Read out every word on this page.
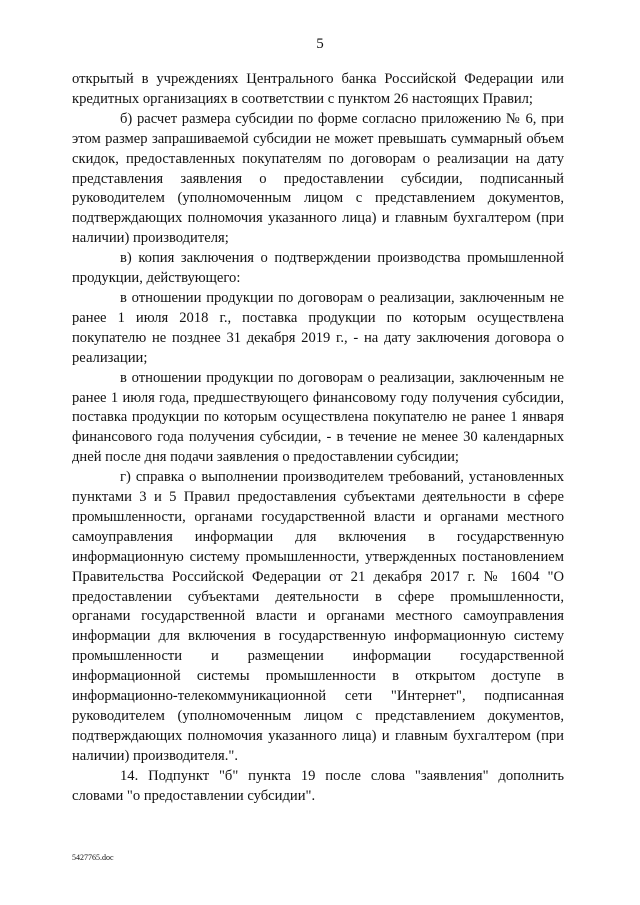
5

открытый в учреждениях Центрального банка Российской Федерации или кредитных организациях в соответствии с пунктом 26 настоящих Правил;

б) расчет размера субсидии по форме согласно приложению № 6, при этом размер запрашиваемой субсидии не может превышать суммарный объем скидок, предоставленных покупателям по договорам о реализации на дату представления заявления о предоставлении субсидии, подписанный руководителем (уполномоченным лицом с представлением документов, подтверждающих полномочия указанного лица) и главным бухгалтером (при наличии) производителя;

в) копия заключения о подтверждении производства промышленной продукции, действующего:

в отношении продукции по договорам о реализации, заключенным не ранее 1 июля 2018 г., поставка продукции по которым осуществлена покупателю не позднее 31 декабря 2019 г., - на дату заключения договора о реализации;

в отношении продукции по договорам о реализации, заключенным не ранее 1 июля года, предшествующего финансовому году получения субсидии, поставка продукции по которым осуществлена покупателю не ранее 1 января финансового года получения субсидии, - в течение не менее 30 календарных дней после дня подачи заявления о предоставлении субсидии;

г) справка о выполнении производителем требований, установленных пунктами 3 и 5 Правил предоставления субъектами деятельности в сфере промышленности, органами государственной власти и органами местного самоуправления информации для включения в государственную информационную систему промышленности, утвержденных постановлением Правительства Российской Федерации от 21 декабря 2017 г. № 1604 "О предоставлении субъектами деятельности в сфере промышленности, органами государственной власти и органами местного самоуправления информации для включения в государственную информационную систему промышленности и размещении информации государственной информационной системы промышленности в открытом доступе в информационно-телекоммуникационной сети "Интернет", подписанная руководителем (уполномоченным лицом с представлением документов, подтверждающих полномочия указанного лица) и главным бухгалтером (при наличии) производителя.".

14. Подпункт "б" пункта 19 после слова "заявления" дополнить словами "о предоставлении субсидии".

5427765.doc
